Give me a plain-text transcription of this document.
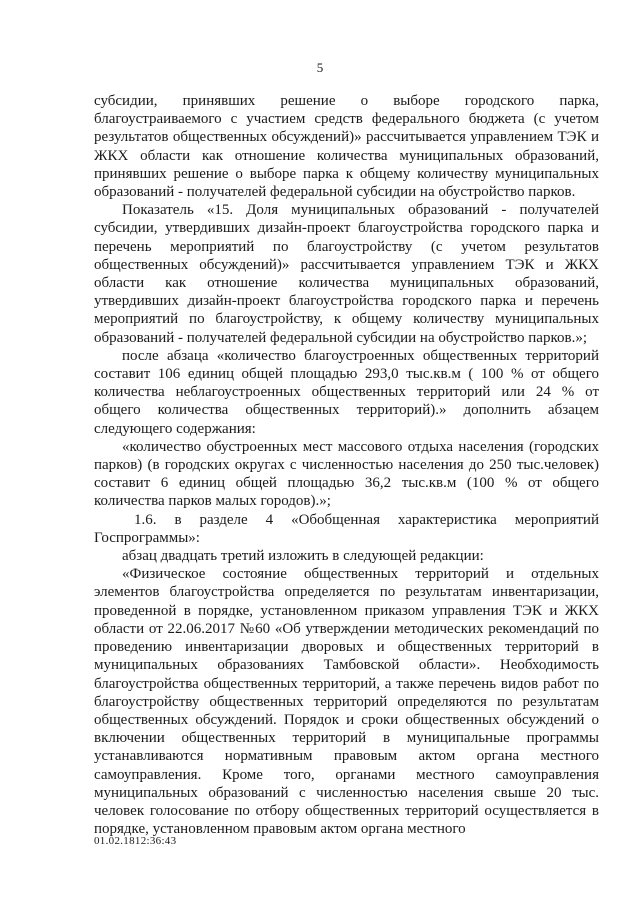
5

субсидии, принявших решение о выборе городского парка, благоустраиваемого с участием средств федерального бюджета (с учетом результатов общественных обсуждений)» рассчитывается управлением ТЭК и ЖКХ области как отношение количества муниципальных образований, принявших решение о выборе парка к общему количеству муниципальных образований - получателей федеральной субсидии на обустройство парков.

Показатель «15. Доля муниципальных образований - получателей субсидии, утвердивших дизайн-проект благоустройства городского парка и перечень мероприятий по благоустройству (с учетом результатов общественных обсуждений)» рассчитывается управлением ТЭК и ЖКХ области как отношение количества муниципальных образований, утвердивших дизайн-проект благоустройства городского парка и перечень мероприятий по благоустройству, к общему количеству муниципальных образований - получателей федеральной субсидии на обустройство парков.»;

после абзаца «количество благоустроенных общественных территорий составит 106 единиц общей площадью 293,0 тыс.кв.м ( 100 % от общего количества неблагоустроенных общественных территорий или 24 % от общего количества общественных территорий).» дополнить абзацем следующего содержания:

«количество обустроенных мест массового отдыха населения (городских парков) (в городских округах с численностью населения до 250 тыс.человек) составит 6 единиц общей площадью 36,2 тыс.кв.м (100 % от общего количества парков малых городов).»;

1.6. в разделе 4 «Обобщенная характеристика мероприятий Госпрограммы»:

абзац двадцать третий изложить в следующей редакции:

«Физическое состояние общественных территорий и отдельных элементов благоустройства определяется по результатам инвентаризации, проведенной в порядке, установленном приказом управления ТЭК и ЖКХ области от 22.06.2017 №60 «Об утверждении методических рекомендаций по проведению инвентаризации дворовых и общественных территорий в муниципальных образованиях Тамбовской области». Необходимость благоустройства общественных территорий, а также перечень видов работ по благоустройству общественных территорий определяются по результатам общественных обсуждений. Порядок и сроки общественных обсуждений о включении общественных территорий в муниципальные программы устанавливаются нормативным правовым актом органа местного самоуправления. Кроме того, органами местного самоуправления муниципальных образований с численностью населения свыше 20 тыс. человек голосование по отбору общественных территорий осуществляется в порядке, установленном правовым актом органа местного

01.02.1812:36:43
